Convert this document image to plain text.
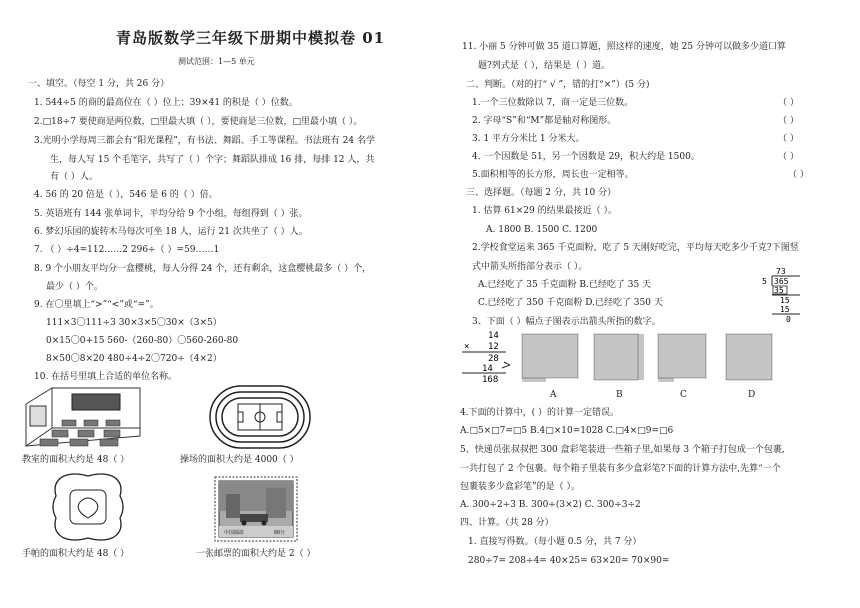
青岛版数学三年级下册期中模拟卷 01
测试范围：1—5 单元
一、填空。（每空 1 分，共 26 分）
1. 544÷5 的商的最高位在（ ）位上；39×41 的积是（ ）位数。
2.□18÷7 要使商是两位数，□里最大填（ ），要使商是三位数，□里最小填（ ）。
3.光明小学每周三都会有“阳光课程”，有书法、舞蹈、手工等课程。书法班有 24 名学
生，每人写 15 个毛笔字，共写了（ ）个字；舞蹈队排成 16 排，每排 12 人，共
有（ ）人。
4. 56 的 20 倍是（ ），546 是 6 的（ ）倍。
5. 英语班有 144 张单词卡，平均分给 9 个小组，每组得到（ ）张。
6. 梦幻乐园的旋转木马每次可坐 18 人，运行 21 次共坐了（ ）人。
7. （ ）÷4=112……2 296÷（ ）=59……1
8. 9 个小朋友平均分一盒樱桃，每人分得 24 个，还有剩余，这盒樱桃最多（ ）个，
最少（ ）个。
9. 在〇里填上“>”“<”或“=”。
111×3〇111÷3 30×3×5〇30×（3×5）
0×15〇0+15 560-（260-80）〇560-260-80
8×50〇8×20 480÷4÷2〇720÷（4×2）
10. 在括号里填上合适的单位名称。
教室的面积大约是 48（ ）	操场的面积大约是 4000（ ）
手帕的面积大约是 48（ ）
中国邮政	80分
一张邮票的面积大约是 2（ ）
11. 小丽 5 分钟可做 35 道口算题，照这样的速度，她 25 分钟可以做多少道口算
题?列式是（ ），结果是（ ）道。
二、判断。（对的打“ √ ”，错的打“×”）(5 分)
1.一个三位数除以 7，商一定是三位数。	（ ）
2. 字母“S”和“M”都是轴对称图形。	（ ）
3. 1 平方分米比 1 分米大。	（ ）
4. 一个因数是 51，另一个因数是 29，积大约是 1500。	（ ）
5.面积相等的长方形，周长也一定相等。	（ ）
三、选择题。（每题 2 分，共 10 分）
1. 估算 61×29 的结果最接近（ ）。
A. 1800 B. 1500 C. 1200
2.学校食堂运来 365 千克面粉，吃了 5 天刚好吃完，平均每天吃多少千克?下图竖
式中箭头所指部分表示（ ）。
A.已经吃了 35 千克面粉 B.已经吃了 35 天
C.已经吃了 350 千克面粉 D.已经吃了 350 天
73
5 365
35
15
15
0
3、下面（ ）幅点子图表示出箭头所指的数字。
14
× 12
28
14
168
A	B	C	D
4.下面的计算中，( ）的计算一定错误。
A.□5×□7=□5 B.4□×10=1028 C.□4×□9=□6
5、快递员张叔叔把 300 盒彩笔装进一些箱子里,如果每 3 个箱子打包成一个包裹,
一共打包了 2 个包裹。每个箱子里装有多少盒彩笔?下面的计算方法中,先算“一个
包裹装多少盒彩笔”的是（ ）。
A. 300÷2÷3 B. 300÷(3×2) C. 300÷3÷2
四、计算。（共 28 分）
1. 直接写得数。（每小题 0.5 分，共 7 分）
280÷7= 208÷4= 40×25= 63×20= 70×90=
